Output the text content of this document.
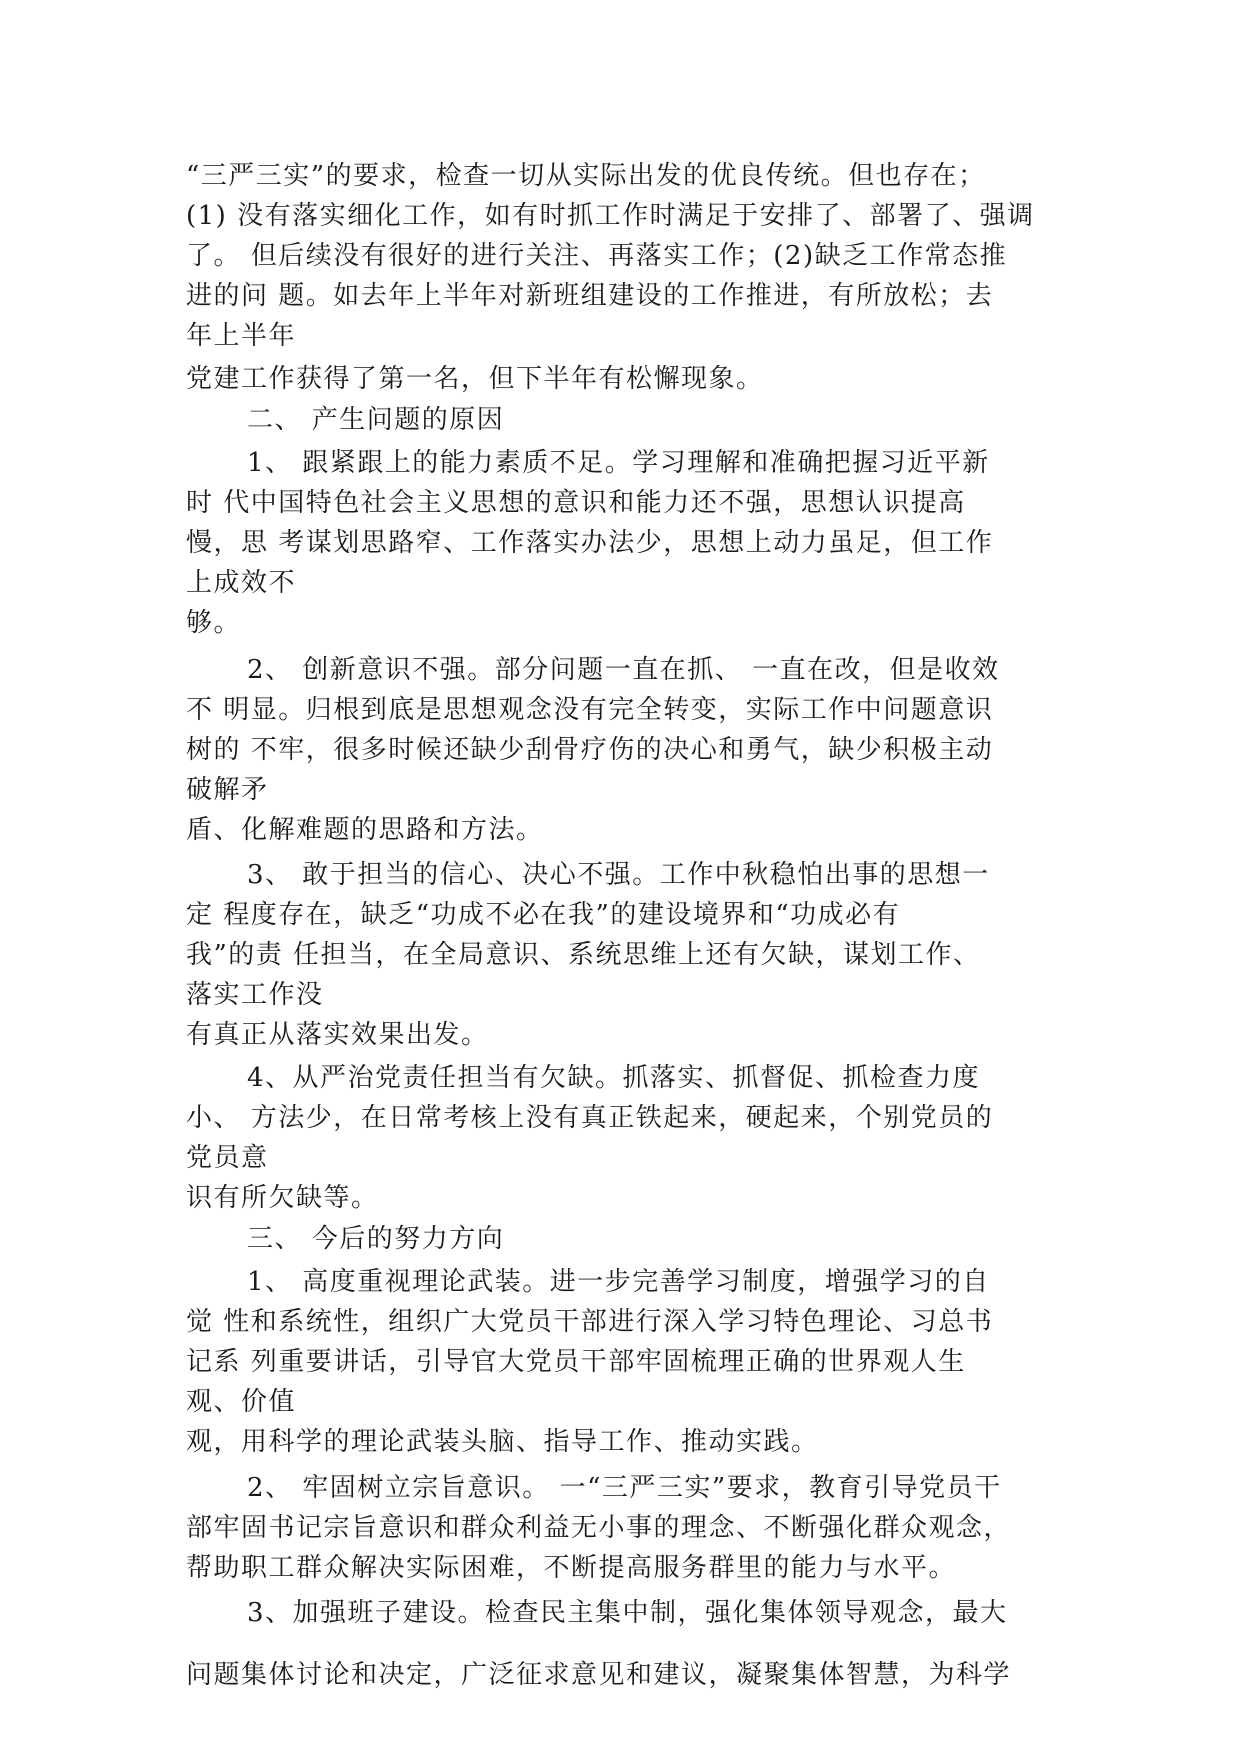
“三严三实”的要求，检查一切从实际出发的优良传统。但也存在；
(1) 没有落实细化工作，如有时抓工作时满足于安排了、部署了、强调
了。 但后续没有很好的进行关注、再落实工作；(2)缺乏工作常态推
进的问 题。如去年上半年对新班组建设的工作推进，有所放松；去
年上半年
党建工作获得了第一名，但下半年有松懈现象。
二、 产生问题的原因
1、 跟紧跟上的能力素质不足。学习理解和准确把握习近平新
时 代中国特色社会主义思想的意识和能力还不强，思想认识提高
慢，思 考谋划思路窄、工作落实办法少，思想上动力虽足，但工作
上成效不
够。
2、 创新意识不强。部分问题一直在抓、 一直在改，但是收效
不 明显。归根到底是思想观念没有完全转变，实际工作中问题意识
树的 不牢，很多时候还缺少刮骨疗伤的决心和勇气，缺少积极主动
破解矛
盾、化解难题的思路和方法。
3、 敢于担当的信心、决心不强。工作中秋稳怕出事的思想一
定 程度存在，缺乏“功成不必在我”的建设境界和“功成必有
我”的责 任担当，在全局意识、系统思维上还有欠缺，谋划工作、
落实工作没
有真正从落实效果出发。
4、从严治党责任担当有欠缺。抓落实、抓督促、抓检查力度
小、 方法少，在日常考核上没有真正铁起来，硬起来，个别党员的
党员意
识有所欠缺等。
三、 今后的努力方向
1、 高度重视理论武装。进一步完善学习制度，增强学习的自
觉 性和系统性，组织广大党员干部进行深入学习特色理论、习总书
记系 列重要讲话，引导官大党员干部牢固梳理正确的世界观人生
观、价值
观，用科学的理论武装头脑、指导工作、推动实践。
2、 牢固树立宗旨意识。 一“三严三实”要求，教育引导党员干
部牢固书记宗旨意识和群众利益无小事的理念、不断强化群众观念，
帮助职工群众解决实际困难，不断提高服务群里的能力与水平。
3、加强班子建设。检查民主集中制，强化集体领导观念，最大
问题集体讨论和决定，广泛征求意见和建议，凝聚集体智慧，为科学
